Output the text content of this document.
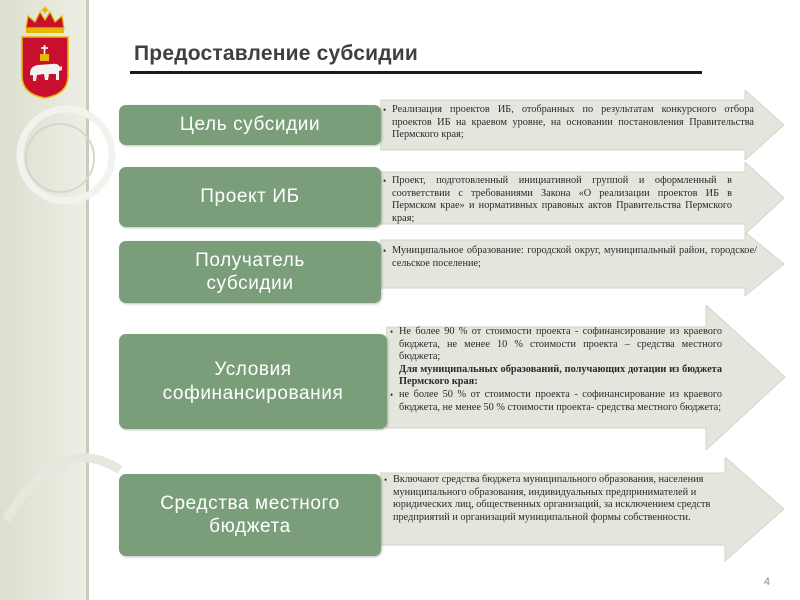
Предоставление субсидии
Цель субсидии
• Реализация проектов ИБ, отобранных по результатам конкурсного отбора проектов ИБ на краевом уровне, на основании постановления Правительства Пермского края;

Проект ИБ
• Проект, подготовленный инициативной группой и оформленный в соответствии с требованиями Закона «О реализации проектов ИБ в Пермском крае» и нормативных правовых актов Правительства Пермского края;

Получатель субсидии
• Муниципальное образование: городской округ, муниципальный район, городское/сельское поселение;

Условия софинансирования
• Не более 90 % от стоимости проекта - софинансирование из краевого бюджета, не менее 10 % стоимости проекта – средства местного бюджета;

Для муниципальных образований, получающих дотации из бюджета Пермского края:

• не более 50 % от стоимости проекта - софинансирование из краевого бюджета, не менее 50 % стоимости проекта- средства местного бюджета;

Средства местного бюджета
• Включают средства бюджета муниципального образования, населения муниципального образования, индивидуальных предпринимателей и юридических лиц, общественных организаций, за исключением средств предприятий и организаций муниципальной формы собственности.

4
